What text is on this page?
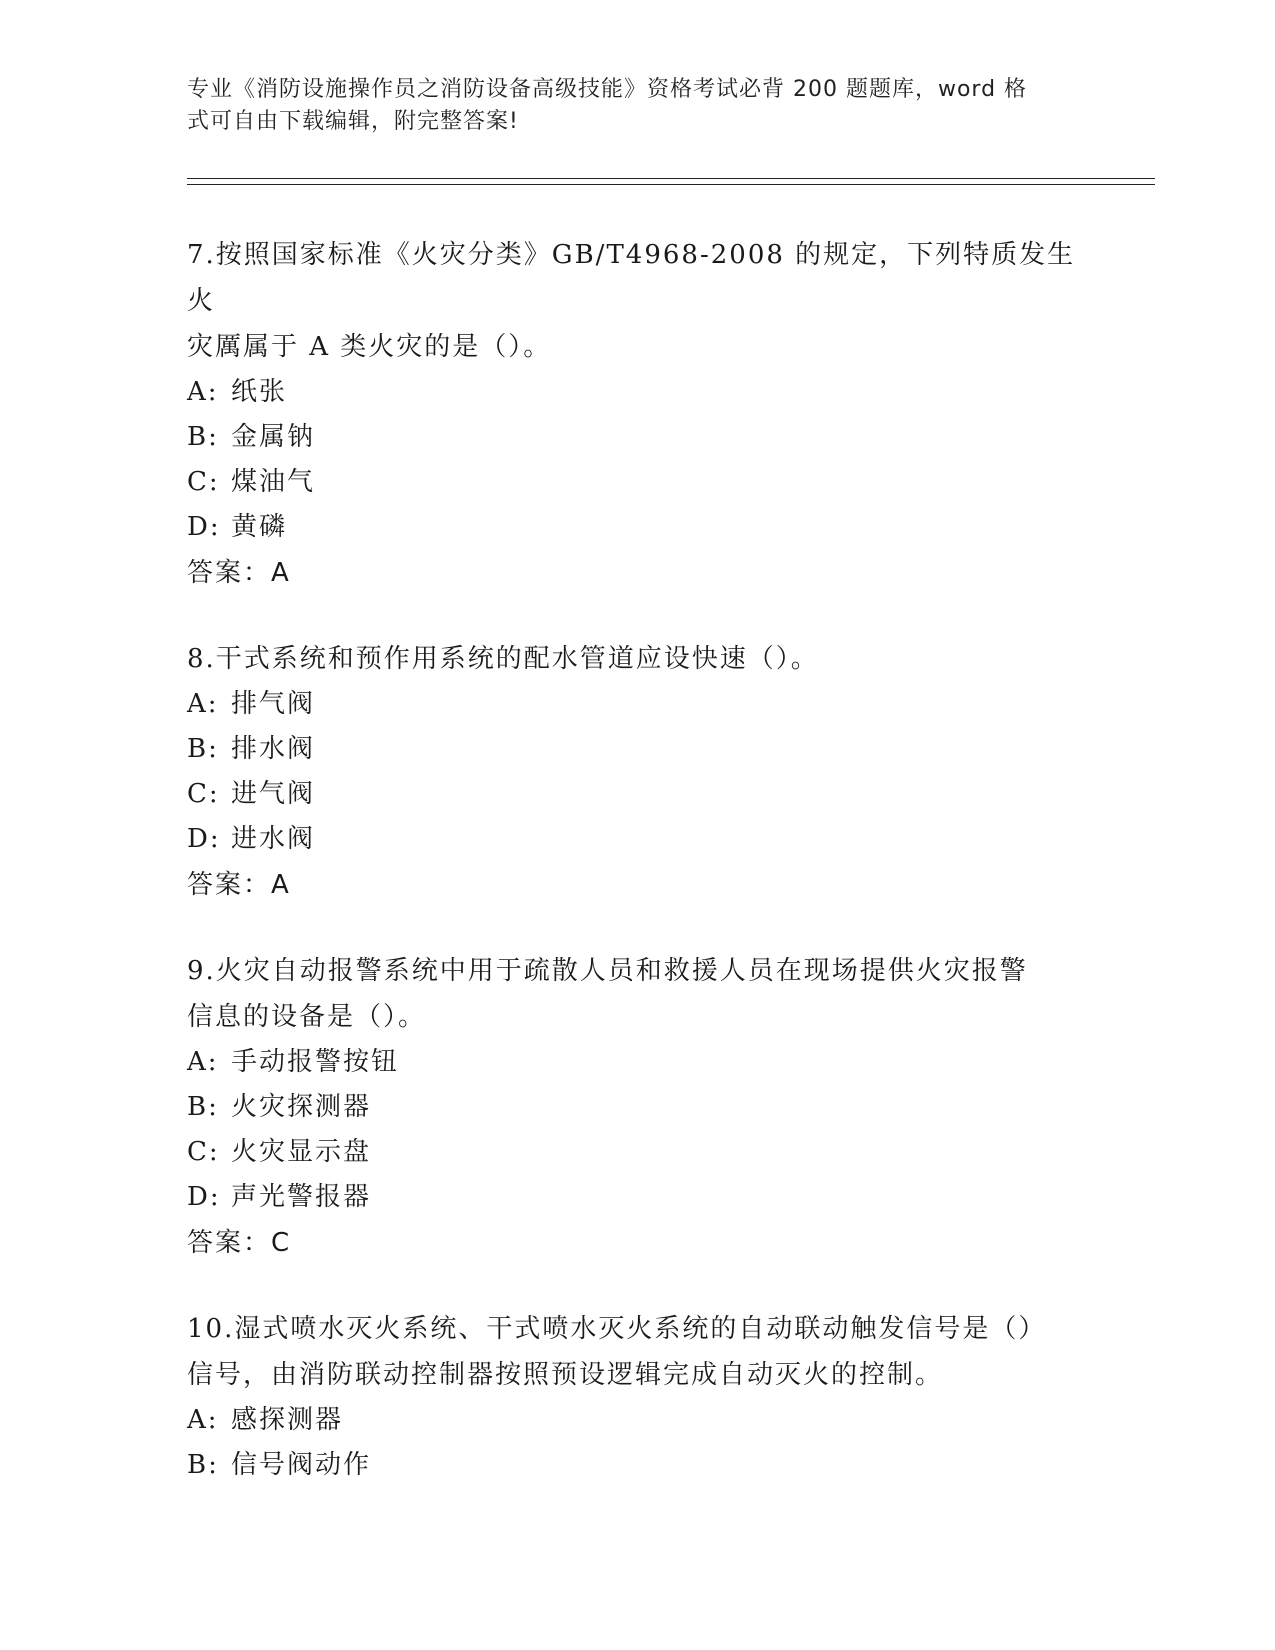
专业《消防设施操作员之消防设备高级技能》资格考试必背 200 题题库，word 格
式可自由下载编辑，附完整答案!

7.按照国家标准《火灾分类》GB/T4968-2008 的规定，下列特质发生火

灾厲属于 A 类火灾的是（）。

A: 纸张

B: 金属钠

C: 煤油气

D: 黄磷

答案：A

8.干式系统和预作用系统的配水管道应设快速（）。

A: 排气阀

B: 排水阀

C: 进气阀

D: 进水阀

答案：A

9.火灾自动报警系统中用于疏散人员和救援人员在现场提供火灾报警

信息的设备是（）。

A: 手动报警按钮

B: 火灾探测器

C: 火灾显示盘

D: 声光警报器

答案：C

10.湿式喷水灭火系统、干式喷水灭火系统的自动联动触发信号是（）

信号，由消防联动控制器按照预设逻辑完成自动灭火的控制。

A: 感探测器

B: 信号阀动作
